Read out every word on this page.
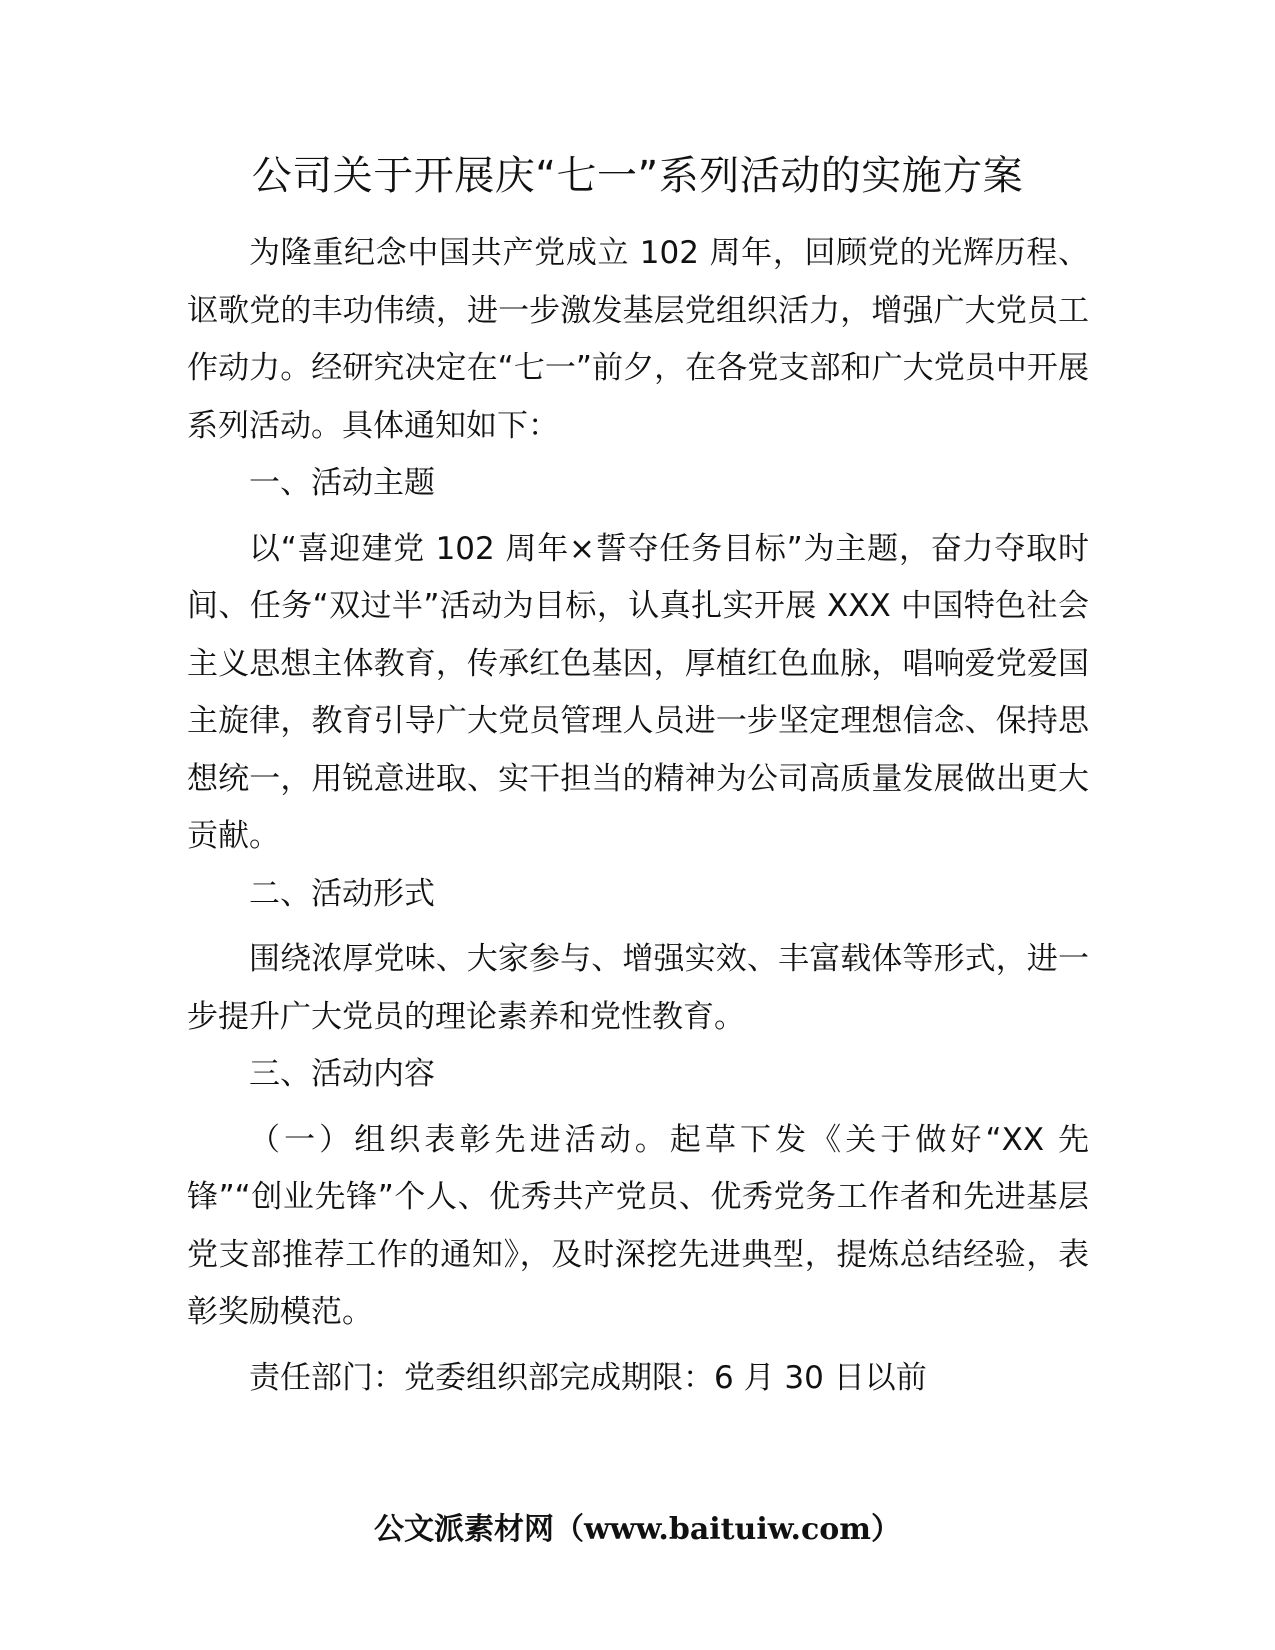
公司关于开展庆“七一”系列活动的实施方案

为隆重纪念中国共产党成立 102 周年，回顾党的光辉历程、讴歌党的丰功伟绩，进一步激发基层党组织活力，增强广大党员工作动力。经研究决定在“七一”前夕，在各党支部和广大党员中开展系列活动。具体通知如下：

一、活动主题

以“喜迎建党 102 周年×誓夺任务目标”为主题，奋力夺取时间、任务“双过半”活动为目标，认真扎实开展 XXX 中国特色社会主义思想主体教育，传承红色基因，厚植红色血脉，唱响爱党爱国主旋律，教育引导广大党员管理人员进一步坚定理想信念、保持思想统一，用锐意进取、实干担当的精神为公司高质量发展做出更大贡献。

二、活动形式

围绕浓厚党味、大家参与、增强实效、丰富载体等形式，进一步提升广大党员的理论素养和党性教育。

三、活动内容

（一）组织表彰先进活动。起草下发《关于做好“XX 先锋”“创业先锋”个人、优秀共产党员、优秀党务工作者和先进基层党支部推荐工作的通知》，及时深挖先进典型，提炼总结经验，表彰奖励模范。

责任部门：党委组织部完成期限：6 月 30 日以前

公文派素材网（www.baitu​iw.com）
